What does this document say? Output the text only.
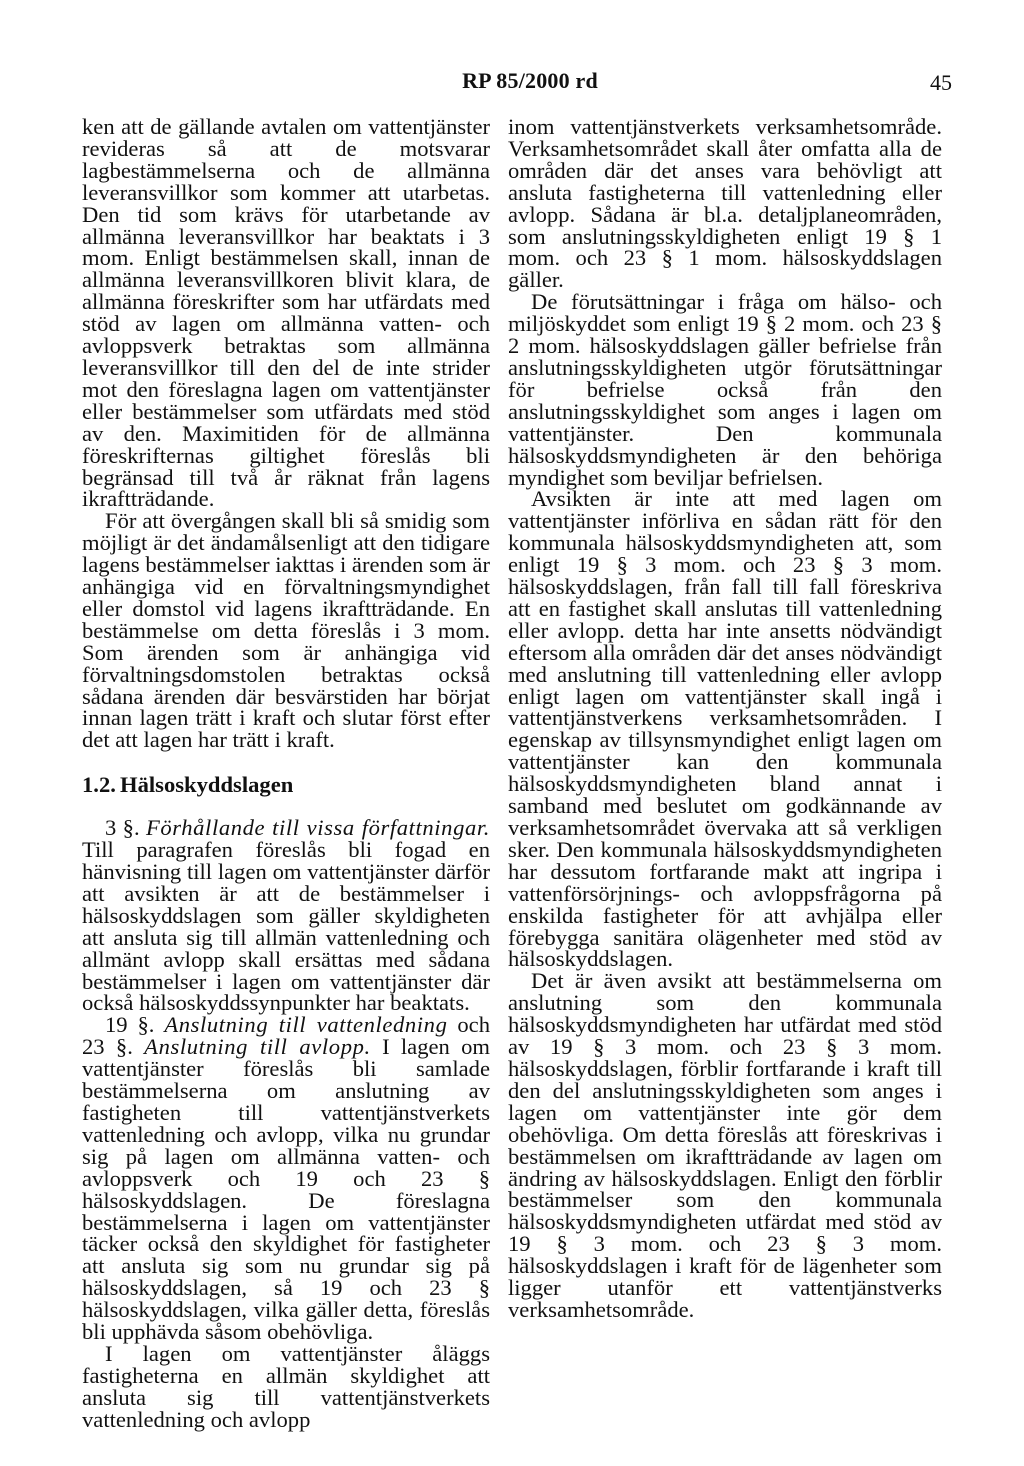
RP 85/2000 rd	45

ken att de gällande avtalen om vattentjänster revideras så att de motsvarar lagbestämmelserna och de allmänna leveransvillkor som kommer att utarbetas. Den tid som krävs för utarbetande av allmänna leveransvillkor har beaktats i 3 mom. Enligt bestämmelsen skall, innan de allmänna leveransvillkoren blivit klara, de allmänna föreskrifter som har utfärdats med stöd av lagen om allmänna vatten- och avloppsverk betraktas som allmänna leveransvillkor till den del de inte strider mot den föreslagna lagen om vattentjänster eller bestämmelser som utfärdats med stöd av den. Maximitiden för de allmänna föreskrifternas giltighet föreslås bli begränsad till två år räknat från lagens ikraftträdande.

För att övergången skall bli så smidig som möjligt är det ändamålsenligt att den tidigare lagens bestämmelser iakttas i ärenden som är anhängiga vid en förvaltningsmyndighet eller domstol vid lagens ikraftträdande. En bestämmelse om detta föreslås i 3 mom. Som ärenden som är anhängiga vid förvaltningsdomstolen betraktas också sådana ärenden där besvärstiden har börjat innan lagen trätt i kraft och slutar först efter det att lagen har trätt i kraft.

1.2. Hälsoskyddslagen

3 §. Förhållande till vissa författningar. Till paragrafen föreslås bli fogad en hänvisning till lagen om vattentjänster därför att avsikten är att de bestämmelser i hälsoskyddslagen som gäller skyldigheten att ansluta sig till allmän vattenledning och allmänt avlopp skall ersättas med sådana bestämmelser i lagen om vattentjänster där också hälsoskyddssynpunkter har beaktats.

19 §. Anslutning till vattenledning och 23 §. Anslutning till avlopp. I lagen om vattentjänster föreslås bli samlade bestämmelserna om anslutning av fastigheten till vattentjänstverkets vattenledning och avlopp, vilka nu grundar sig på lagen om allmänna vatten- och avloppsverk och 19 och 23 § hälsoskyddslagen. De föreslagna bestämmelserna i lagen om vattentjänster täcker också den skyldighet för fastigheter att ansluta sig som nu grundar sig på hälsoskyddslagen, så 19 och 23 § hälsoskyddslagen, vilka gäller detta, föreslås bli upphävda såsom obehövliga.

I lagen om vattentjänster åläggs fastigheterna en allmän skyldighet att ansluta sig till vattentjänstverkets vattenledning och avlopp

inom vattentjänstverkets verksamhetsområde. Verksamhetsområdet skall åter omfatta alla de områden där det anses vara behövligt att ansluta fastigheterna till vattenledning eller avlopp. Sådana är bl.a. detaljplaneområden, som anslutningsskyldigheten enligt 19 § 1 mom. och 23 § 1 mom. hälsoskyddslagen gäller.

De förutsättningar i fråga om hälso- och miljöskyddet som enligt 19 § 2 mom. och 23 § 2 mom. hälsoskyddslagen gäller befrielse från anslutningsskyldigheten utgör förutsättningar för befrielse också från den anslutningsskyldighet som anges i lagen om vattentjänster. Den kommunala hälsoskyddsmyndigheten är den behöriga myndighet som beviljar befrielsen.

Avsikten är inte att med lagen om vattentjänster införliva en sådan rätt för den kommunala hälsoskyddsmyndigheten att, som enligt 19 § 3 mom. och 23 § 3 mom. hälsoskyddslagen, från fall till fall föreskriva att en fastighet skall anslutas till vattenledning eller avlopp. detta har inte ansetts nödvändigt eftersom alla områden där det anses nödvändigt med anslutning till vattenledning eller avlopp enligt lagen om vattentjänster skall ingå i vattentjänstverkens verksamhetsområden. I egenskap av tillsynsmyndighet enligt lagen om vattentjänster kan den kommunala hälsoskyddsmyndigheten bland annat i samband med beslutet om godkännande av verksamhetsområdet övervaka att så verkligen sker. Den kommunala hälsoskyddsmyndigheten har dessutom fortfarande makt att ingripa i vattenförsörjnings- och avloppsfrågorna på enskilda fastigheter för att avhjälpa eller förebygga sanitära olägenheter med stöd av hälsoskyddslagen.

Det är även avsikt att bestämmelserna om anslutning som den kommunala hälsoskyddsmyndigheten har utfärdat med stöd av 19 § 3 mom. och 23 § 3 mom. hälsoskyddslagen, förblir fortfarande i kraft till den del anslutningsskyldigheten som anges i lagen om vattentjänster inte gör dem obehövliga. Om detta föreslås att föreskrivas i bestämmelsen om ikraftträdande av lagen om ändring av hälsoskyddslagen. Enligt den förblir bestämmelser som den kommunala hälsoskyddsmyndigheten utfärdat med stöd av 19 § 3 mom. och 23 § 3 mom. hälsoskyddslagen i kraft för de lägenheter som ligger utanför ett vattentjänstverks verksamhetsområde.
